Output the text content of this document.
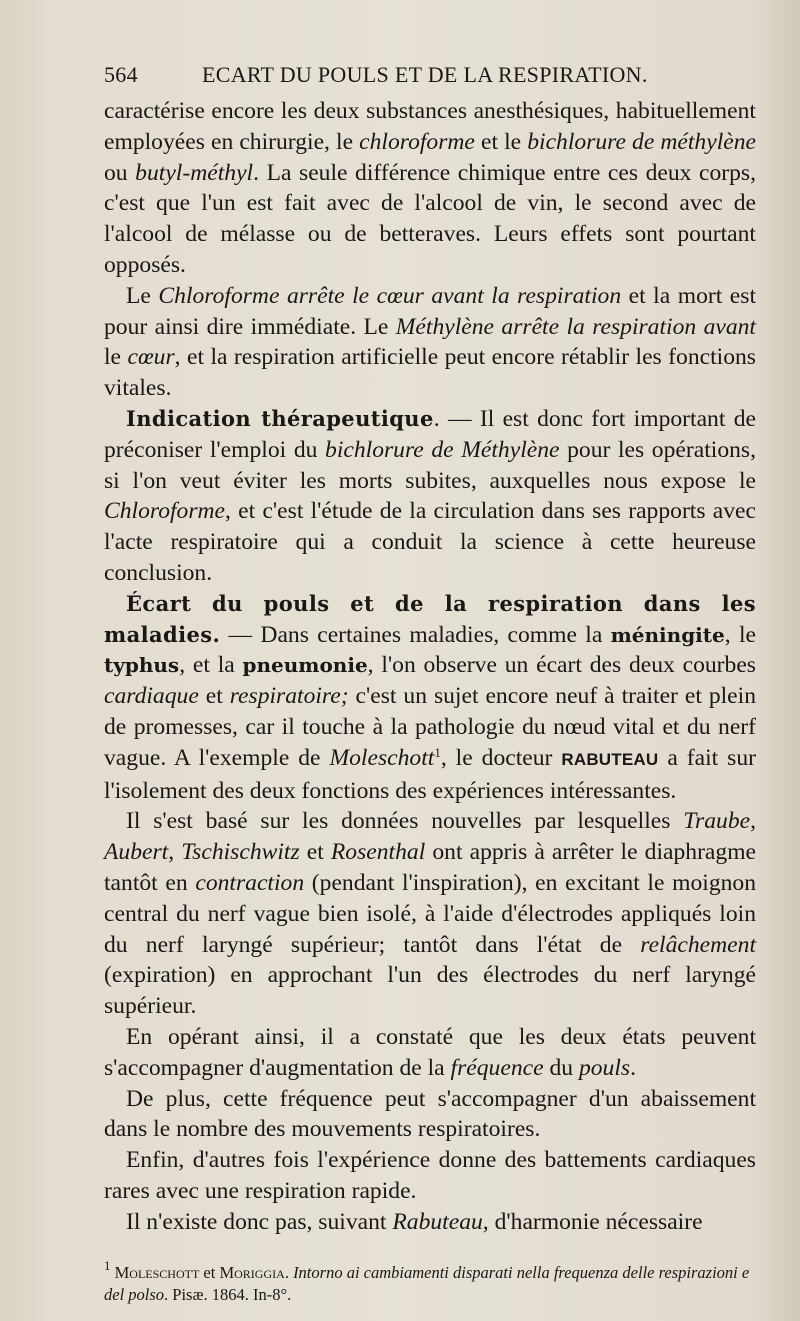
564	ECART DU POULS ET DE LA RESPIRATION.

caractérise encore les deux substances anesthésiques, habituellement employées en chirurgie, le chloroforme et le bichlorure de méthylène ou butyl-méthyl. La seule différence chimique entre ces deux corps, c'est que l'un est fait avec de l'alcool de vin, le second avec de l'alcool de mélasse ou de betteraves. Leurs effets sont pourtant opposés.

Le Chloroforme arrête le cœur avant la respiration et la mort est pour ainsi dire immédiate. Le Méthylène arrête la respiration avant le cœur, et la respiration artificielle peut encore rétablir les fonctions vitales.

Indication thérapeutique. — Il est donc fort important de préconiser l'emploi du bichlorure de Méthylène pour les opérations, si l'on veut éviter les morts subites, auxquelles nous expose le Chloroforme, et c'est l'étude de la circulation dans ses rapports avec l'acte respiratoire qui a conduit la science à cette heureuse conclusion.

Écart du pouls et de la respiration dans les maladies. — Dans certaines maladies, comme la méningite, le typhus, et la pneumonie, l'on observe un écart des deux courbes cardiaque et respiratoire; c'est un sujet encore neuf à traiter et plein de promesses, car il touche à la pathologie du nœud vital et du nerf vague. A l'exemple de Moleschott$^1$, le docteur RABUTEAU a fait sur l'isolement des deux fonctions des expériences intéressantes.

Il s'est basé sur les données nouvelles par lesquelles Traube, Aubert, Tschischwitz et Rosenthal ont appris à arrêter le diaphragme tantôt en contraction (pendant l'inspiration), en excitant le moignon central du nerf vague bien isolé, à l'aide d'électrodes appliqués loin du nerf laryngé supérieur; tantôt dans l'état de relâchement (expiration) en approchant l'un des électrodes du nerf laryngé supérieur.

En opérant ainsi, il a constaté que les deux états peuvent s'accompagner d'augmentation de la fréquence du pouls.

De plus, cette fréquence peut s'accompagner d'un abaissement dans le nombre des mouvements respiratoires.

Enfin, d'autres fois l'expérience donne des battements cardiaques rares avec une respiration rapide.

Il n'existe donc pas, suivant Rabuteau, d'harmonie nécessaire

$^1$ Moleschott et Moriggia. Intorno ai cambiamenti disparati nella frequenza delle respirazioni e del polso. Pisæ. 1864. In-8°.
